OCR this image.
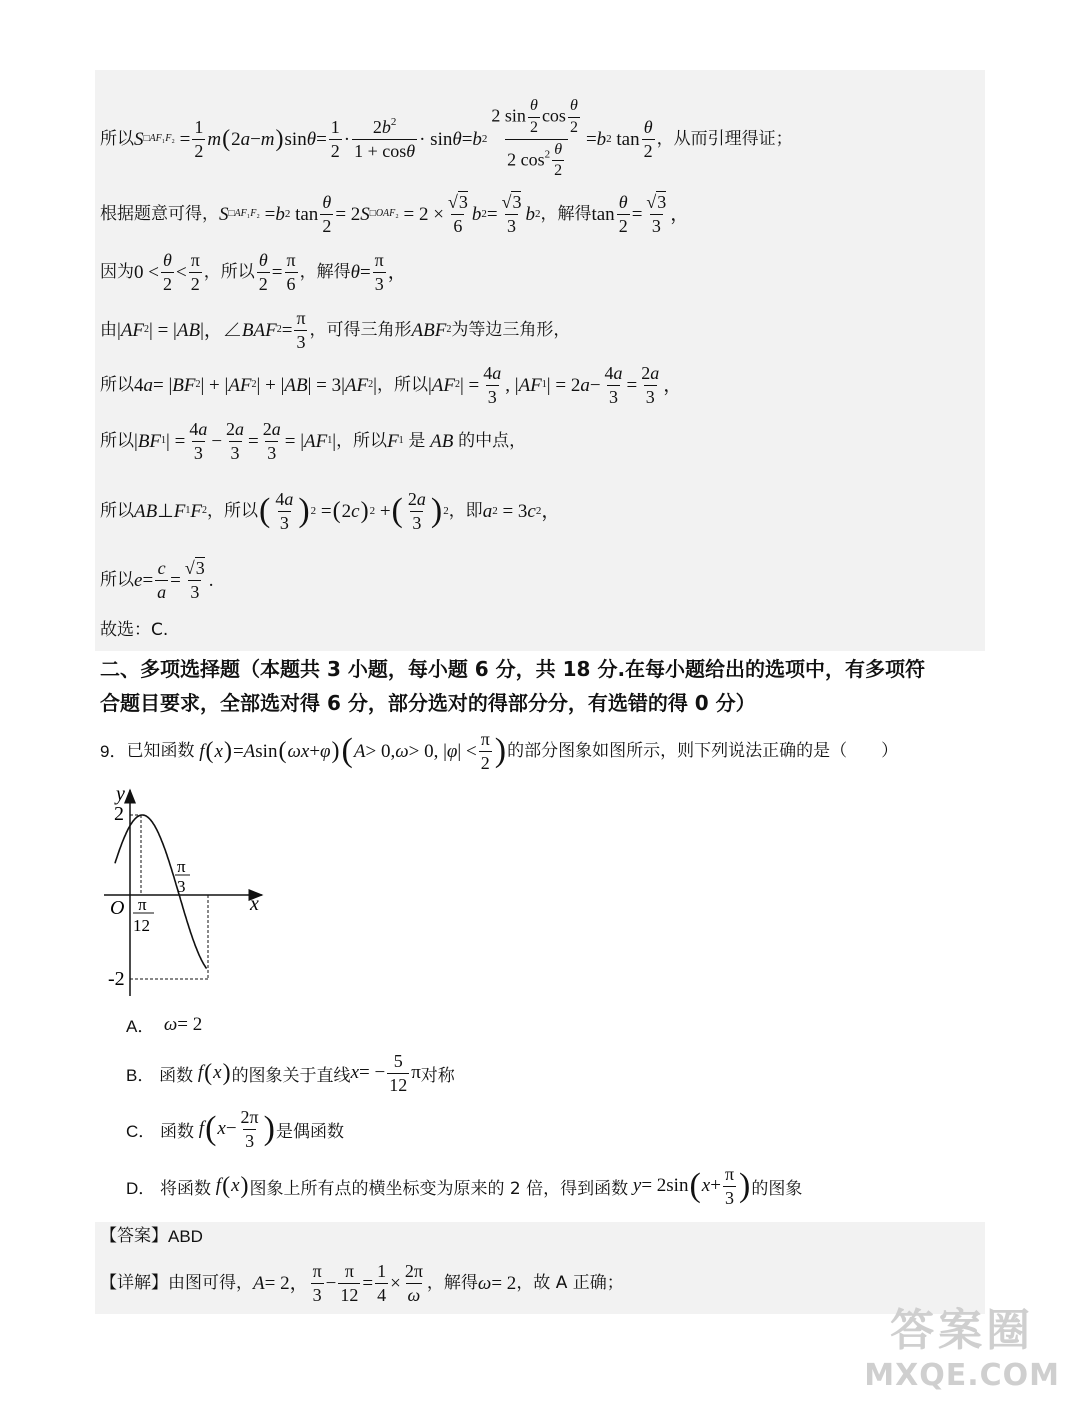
所以 S □AF₁F₂ =
1
2
m ( 2 a − m ) sin θ =
1
2
·
$2b^2$
1 + cosθ
· sin θ = b 2
2 $\sin \frac{\theta}{2}$ $\cos \frac{\theta}{2}$
2 $\cos^2 \frac{\theta}{2}$
= b 2 tan
θ
2
，从而引理得证；
根据题意可得， S □AF₁F₂ = b 2 tan
θ
2
= 2 S □OAF₂ = 2 ×
√3
6
b 2 =
√3
3
b 2 ，解得 tan
θ
2
=
√3
3
，
因为 0 <
θ
2
<
π
2
，所以
θ
2
=
π
6
，解得 θ =
π
3
，
由 | AF 2 | = | AB |，∠ BAF 2 =
π
3
，可得三角形 ABF 2 为等边三角形，
所以 4 a = | BF 2 | + | AF 2 | + | AB | = 3| AF 2 | ，所以 | AF 2 | =
4a
3
, | AF 1 | = 2 a −
4a
3
=
2a
3
，
所以 | BF 1 | =
4a
3
−
2a
3
=
2a
3
= | AF 1 | ，所以 F 1
是
AB
的中点，
所以 AB ⊥ F 1 F 2 ，所以 ( 4a
3 ) 2 = ( 2 c ) 2 + ( 2a
3 ) 2 ，即 a 2 = 3 c 2 ，
所以 e =
c
a
=
√3
3
.
故选：C.
二、多项选择题（本题共 3 小题，每小题 6 分，共 18 分.在每小题给出的选项中，有多项符
合题目要求，全部选对得 6 分，部分选对的得部分分，有选错的得 0 分）
9． 已知函数
f ( x ) = A sin ( ωx + φ ) ( A > 0, ω > 0, | φ | <
π
2 ) 的部分图象如图所示，则下列说法正确的是（　　）
y
x
O
2
-2
π
12
π
3
A．
ω = 2
B．
函数
f ( x ) 的图象关于直线 x = −
5
12
π 对称
C．
函数
f ( x −
2π
3 ) 是偶函数
D．
将函数
f ( x ) 图象上所有点的横坐标变为原来的 2 倍，得到函数
y = 2sin ( x +
π
3 ) 的图象
【答案】 ABD
【详解】 由图可得， A = 2，
π
3
−
π
12
=
1
4
×
2π
ω
，解得 ω = 2 ，故 A 正确；
答案圈
MXQE.COM
